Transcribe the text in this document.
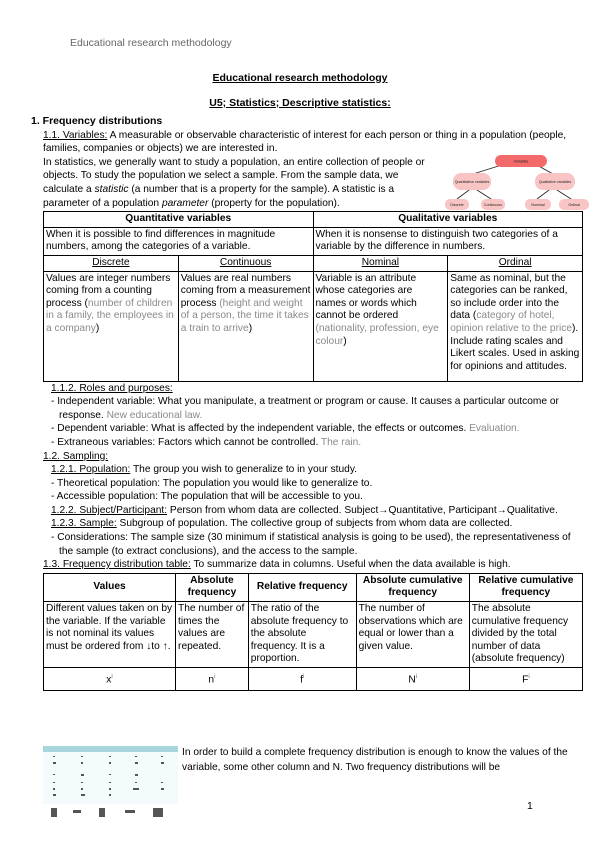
Educational research methodology
Educational research methodology
U5; Statistics; Descriptive statistics:
1. Frequency distributions

1.1. Variables: A measurable or observable characteristic of interest for each person or thing in a population (people, families, companies or objects) we are interested in.

In statistics, we generally want to study a population, an entire collection of people or objects. To study the population we select a sample. From the sample data, we calculate a statistic (a number that is a property for the sample). A statistic is a parameter of a population parameter (property for the population).

Quantitative variables		Qualitative variables	
When it is possible to find differences in magnitude numbers, among the categories of a variable.		When it is nonsense to distinguish two categories of a variable by the difference in numbers.	
Discrete	Continuous	Nominal	Ordinal
Values are integer numbers coming from a counting process (number of children in a family, the employees in a company)	Values are real numbers coming from a measurement process (height and weight of a person, the time it takes a train to arrive)	Variable is an attribute whose categories are names or words which cannot be ordered (nationality, profession, eye colour)	Same as nominal, but the categories can be ranked, so include order into the data (category of hotel, opinion relative to the price). Include rating scales and Likert scales. Used in asking for opinions and attitudes.
1.1.2. Roles and purposes:
- Independent variable: What you manipulate, a treatment or program or cause. It causes a particular outcome or response. New educational law.
- Dependent variable: What is affected by the independent variable, the effects or outcomes. Evaluation.
- Extraneous variables: Factors which cannot be controlled. The rain.
1.2. Sampling:
1.2.1. Population: The group you wish to generalize to in your study.
- Theoretical population: The population you would like to generalize to.
- Accessible population: The population that will be accessible to you.
1.2.2. Subject/Participant: Person from whom data are collected. Subject→Quantitative, Participant→Qualitative.
1.2.3. Sample: Subgroup of population. The collective group of subjects from whom data are collected.
- Considerations: The sample size (30 minimum if statistical analysis is going to be used), the representativeness of the sample (to extract conclusions), and the access to the sample.
1.3. Frequency distribution table: To summarize data in columns. Useful when the data available is high.
Values	Absolute frequency	Relative frequency	Absolute cumulative frequency	Relative cumulative frequency
Different values taken on by the variable. If the variable is not nominal its values must be ordered from ↓to ↑.	The number of times the values are repeated.	The ratio of the absolute frequency to the absolute frequency. It is a proportion.	The number of observations which are equal or lower than a given value.	The absolute cumulative frequency divided by the total number of data (absolute frequency)
$x^i$	$n^i$	$f^i$	$N^i$	$F^i$
Variables
Quantitative variables	Qualitative variables
Discrete	Continuous	Nominal	Ordinal
In order to build a complete frequency distribution is enough to know the values of the variable, some other column and N. Two frequency distributions will be
1
